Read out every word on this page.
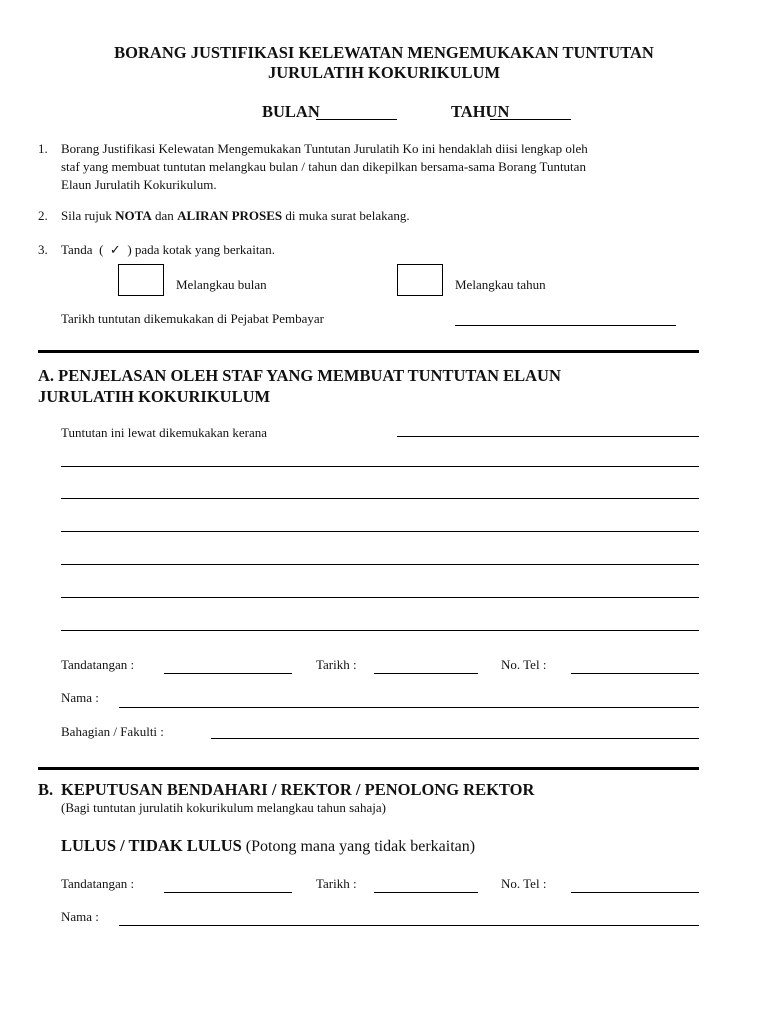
BORANG JUSTIFIKASI KELEWATAN MENGEMUKAKAN TUNTUTAN
JURULATIH KOKURIKULUM
BULAN	TAHUN
1. Borang Justifikasi Kelewatan Mengemukakan Tuntutan Jurulatih Ko ini hendaklah diisi lengkap oleh
staf yang membuat tuntutan melangkau bulan / tahun dan dikepilkan bersama-sama Borang Tuntutan
Elaun Jurulatih Kokurikulum.
2. Sila rujuk NOTA dan ALIRAN PROSES di muka surat belakang.
3. Tanda  (  ✓  ) pada kotak yang berkaitan.
Melangkau bulan	Melangkau tahun
Tarikh tuntutan dikemukakan di Pejabat Pembayar
A. PENJELASAN OLEH STAF YANG MEMBUAT TUNTUTAN ELAUN
JURULATIH KOKURIKULUM
Tuntutan ini lewat dikemukakan kerana
Tandatangan :	Tarikh :	No. Tel :
Nama :
Bahagian / Fakulti :
B. KEPUTUSAN BENDAHARI / REKTOR / PENOLONG REKTOR
(Bagi tuntutan jurulatih kokurikulum melangkau tahun sahaja)
LULUS / TIDAK LULUS (Potong mana yang tidak berkaitan)
Tandatangan :	Tarikh :	No. Tel :
Nama :
